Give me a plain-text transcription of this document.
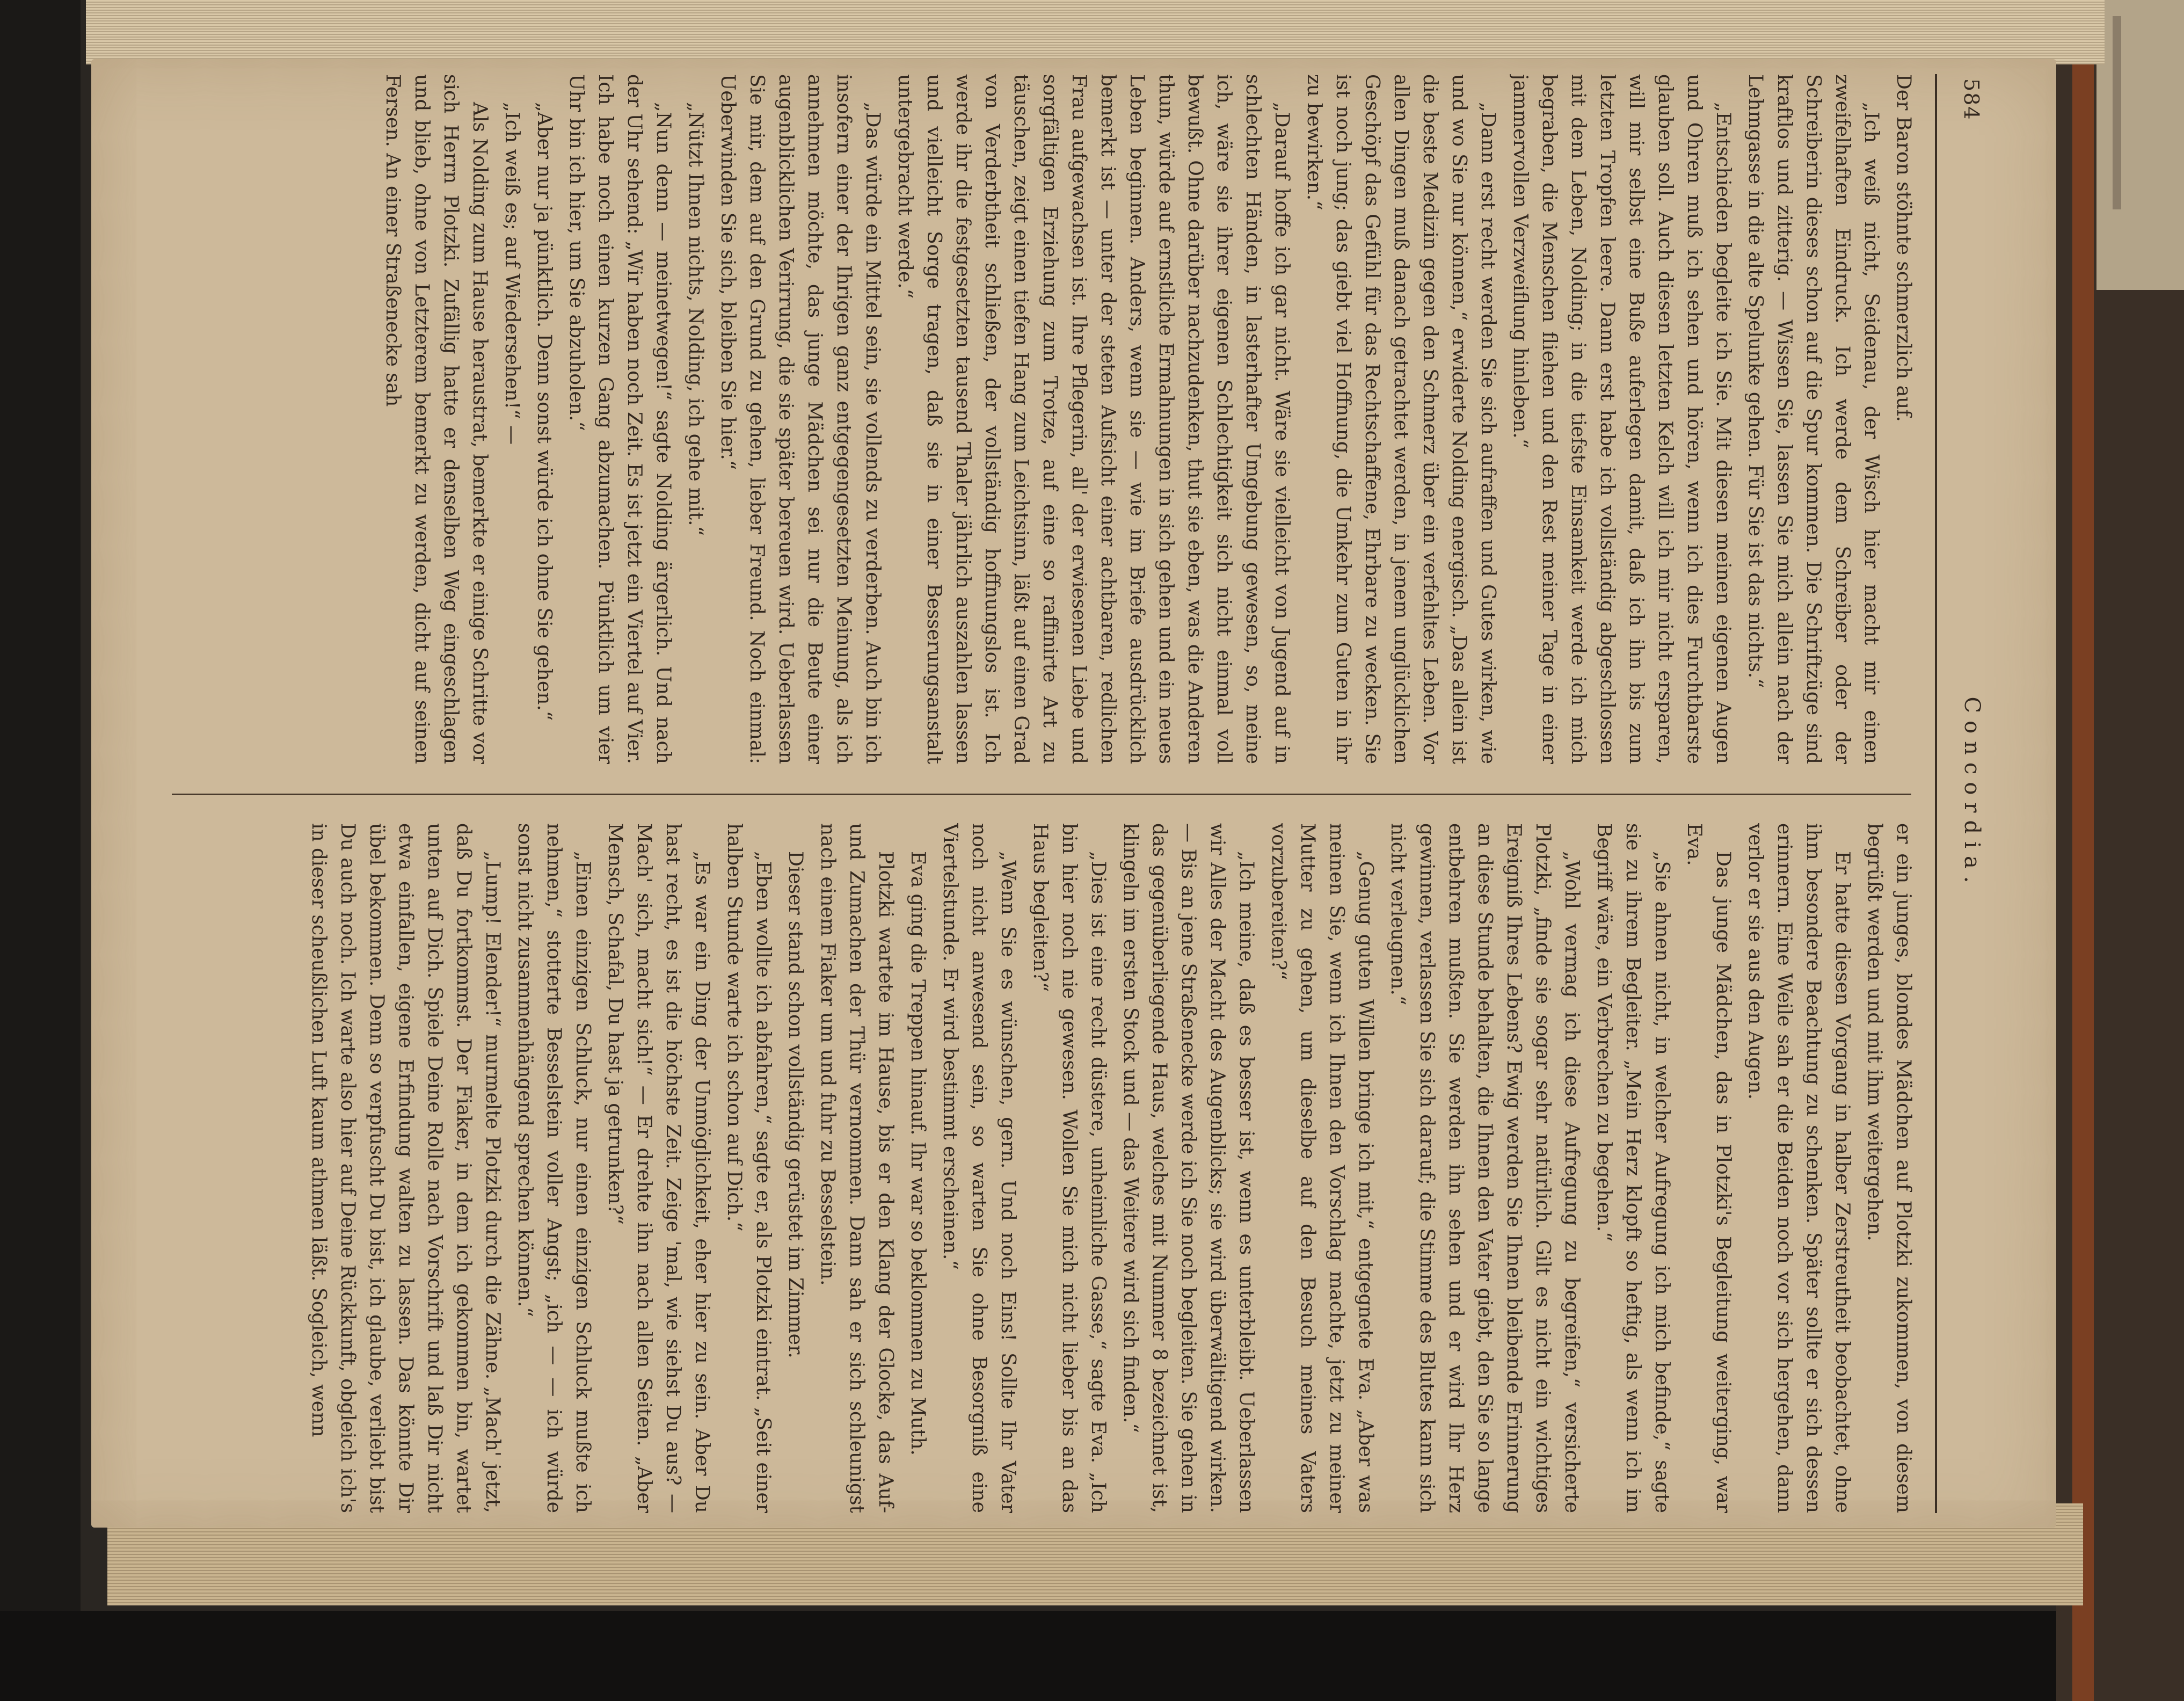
584
Concordia.

Der Baron stöhnte schmerzlich auf.

„Ich weiß nicht, Seidenau, der Wisch hier macht mir einen zweifelhaften Eindruck. Ich werde dem Schreiber oder der Schreiberin dieses schon auf die Spur kommen. Die Schriftzüge sind kraftlos und zitterig. — Wissen Sie, lassen Sie mich allein nach der Lehmgasse in die alte Spelunke gehen. Für Sie ist das nichts.“

„Entschieden begleite ich Sie. Mit diesen meinen eigenen Augen und Ohren muß ich sehen und hören, wenn ich dies Furchtbarste glauben soll. Auch diesen letzten Kelch will ich mir nicht ersparen, will mir selbst eine Buße auferlegen damit, daß ich ihn bis zum letzten Tropfen leere. Dann erst habe ich vollständig abgeschlossen mit dem Leben, Nolding; in die tiefste Einsamkeit werde ich mich begraben, die Menschen fliehen und den Rest meiner Tage in einer jammervollen Verzweiflung hinleben.“

„Dann erst recht werden Sie sich aufraffen und Gutes wirken, wie und wo Sie nur können,“ erwiderte Nolding energisch. „Das allein ist die beste Medizin gegen den Schmerz über ein verfehltes Leben. Vor allen Dingen muß danach getrachtet werden, in jenem unglücklichen Geschöpf das Gefühl für das Rechtschaffene, Ehrbare zu wecken. Sie ist noch jung; das giebt viel Hoffnung, die Umkehr zum Guten in ihr zu bewirken.“

„Darauf hoffe ich gar nicht. Wäre sie vielleicht von Jugend auf in schlechten Händen, in lasterhafter Umgebung gewesen, so, meine ich, wäre sie ihrer eigenen Schlechtigkeit sich nicht einmal voll bewußt. Ohne darüber nachzudenken, thut sie eben, was die Anderen thun, würde auf ernstliche Ermahnungen in sich gehen und ein neues Leben beginnen. Anders, wenn sie — wie im Briefe ausdrücklich bemerkt ist — unter der steten Aufsicht einer achtbaren, redlichen Frau aufgewachsen ist. Ihre Pflegerin, all' der erwiesenen Liebe und sorgfältigen Erziehung zum Trotze, auf eine so raffinirte Art zu täuschen, zeigt einen tiefen Hang zum Leichtsinn, läßt auf einen Grad von Verderbtheit schließen, der vollständig hoffnungslos ist. Ich werde ihr die festgesetzten tausend Thaler jährlich auszahlen lassen und vielleicht Sorge tragen, daß sie in einer Besserungsanstalt untergebracht werde.“

„Das würde ein Mittel sein, sie vollends zu verderben. Auch bin ich insofern einer der Ihrigen ganz entgegengesetzten Meinung, als ich annehmen möchte, das junge Mädchen sei nur die Beute einer augenblicklichen Verirrung, die sie später bereuen wird. Ueberlassen Sie mir, dem auf den Grund zu gehen, lieber Freund. Noch einmal: Ueberwinden Sie sich, bleiben Sie hier.“

„Nützt Ihnen nichts, Nolding, ich gehe mit.“

„Nun denn — meinetwegen!“ sagte Nolding ärgerlich. Und nach der Uhr sehend: „Wir haben noch Zeit. Es ist jetzt ein Viertel auf Vier. Ich habe noch einen kurzen Gang abzumachen. Pünktlich um vier Uhr bin ich hier, um Sie abzuholen.“

„Aber nur ja pünktlich. Denn sonst würde ich ohne Sie gehen.“

„Ich weiß es; auf Wiedersehen!“ —

Als Nolding zum Hause heraustrat, bemerkte er einige Schritte vor sich Herrn Plotzki. Zufällig hatte er denselben Weg eingeschlagen und blieb, ohne von Letzterem bemerkt zu werden, dicht auf seinen Fersen. An einer Straßenecke sah

er ein junges, blondes Mädchen auf Plotzki zukommen, von diesem begrüßt werden und mit ihm weitergehen.

Er hatte diesen Vorgang in halber Zerstreutheit beobachtet, ohne ihm besondere Beachtung zu schenken. Später sollte er sich dessen erinnern. Eine Weile sah er die Beiden noch vor sich hergehen, dann verlor er sie aus den Augen.

Das junge Mädchen, das in Plotzki's Begleitung weiterging, war Eva.

„Sie ahnen nicht, in welcher Aufregung ich mich befinde,“ sagte sie zu ihrem Begleiter. „Mein Herz klopft so heftig, als wenn ich im Begriff wäre, ein Verbrechen zu begehen.“

„Wohl vermag ich diese Aufregung zu begreifen,“ versicherte Plotzki, „finde sie sogar sehr natürlich. Gilt es nicht ein wichtiges Ereigniß Ihres Lebens? Ewig werden Sie Ihnen bleibende Erinnerung an diese Stunde behalten, die Ihnen den Vater giebt, den Sie so lange entbehren mußten. Sie werden ihn sehen und er wird Ihr Herz gewinnen, verlassen Sie sich darauf; die Stimme des Blutes kann sich nicht verleugnen.“

„Genug guten Willen bringe ich mit,“ entgegnete Eva. „Aber was meinen Sie, wenn ich Ihnen den Vorschlag machte, jetzt zu meiner Mutter zu gehen, um dieselbe auf den Besuch meines Vaters vorzubereiten?“

„Ich meine, daß es besser ist, wenn es unterbleibt. Ueberlassen wir Alles der Macht des Augenblicks; sie wird überwältigend wirken. — Bis an jene Straßenecke werde ich Sie noch begleiten. Sie gehen in das gegenüberliegende Haus, welches mit Nummer 8 bezeichnet ist, klingeln im ersten Stock und — das Weitere wird sich finden.“

„Dies ist eine recht düstere, unheimliche Gasse,“ sagte Eva. „Ich bin hier noch nie gewesen. Wollen Sie mich nicht lieber bis an das Haus begleiten?“

„Wenn Sie es wünschen, gern. Und noch Eins! Sollte Ihr Vater noch nicht anwesend sein, so warten Sie ohne Besorgniß eine Viertelstunde. Er wird bestimmt erscheinen.“

Eva ging die Treppen hinauf. Ihr war so beklommen zu Muth.

Plotzki wartete im Hause, bis er den Klang der Glocke, das Auf- und Zumachen der Thür vernommen. Dann sah er sich schleunigst nach einem Fiaker um und fuhr zu Besselstein.

Dieser stand schon vollständig gerüstet im Zimmer.

„Eben wollte ich abfahren,“ sagte er, als Plotzki eintrat. „Seit einer halben Stunde warte ich schon auf Dich.“

„Es war ein Ding der Unmöglichkeit, eher hier zu sein. Aber Du hast recht, es ist die höchste Zeit. Zeige 'mal, wie siehst Du aus? — Mach' sich, macht sich!“ — Er drehte ihn nach allen Seiten. „Aber Mensch, Schafal, Du hast ja getrunken?“

„Einen einzigen Schluck, nur einen einzigen Schluck mußte ich nehmen,“ stotterte Besselstein voller Angst; „ich — — ich würde sonst nicht zusammenhängend sprechen können.“

„Lump! Elender!“ murmelte Plotzki durch die Zähne. „Mach' jetzt, daß Du fortkommst. Der Fiaker, in dem ich gekommen bin, wartet unten auf Dich. Spiele Deine Rolle nach Vorschrift und laß Dir nicht etwa einfallen, eigene Erfindung walten zu lassen. Das könnte Dir übel bekommen. Denn so verpfuscht Du bist, ich glaube, verliebt bist Du auch noch. Ich warte also hier auf Deine Rückkunft, obgleich ich's in dieser scheußlichen Luft kaum athmen läßt. Sogleich, wenn
